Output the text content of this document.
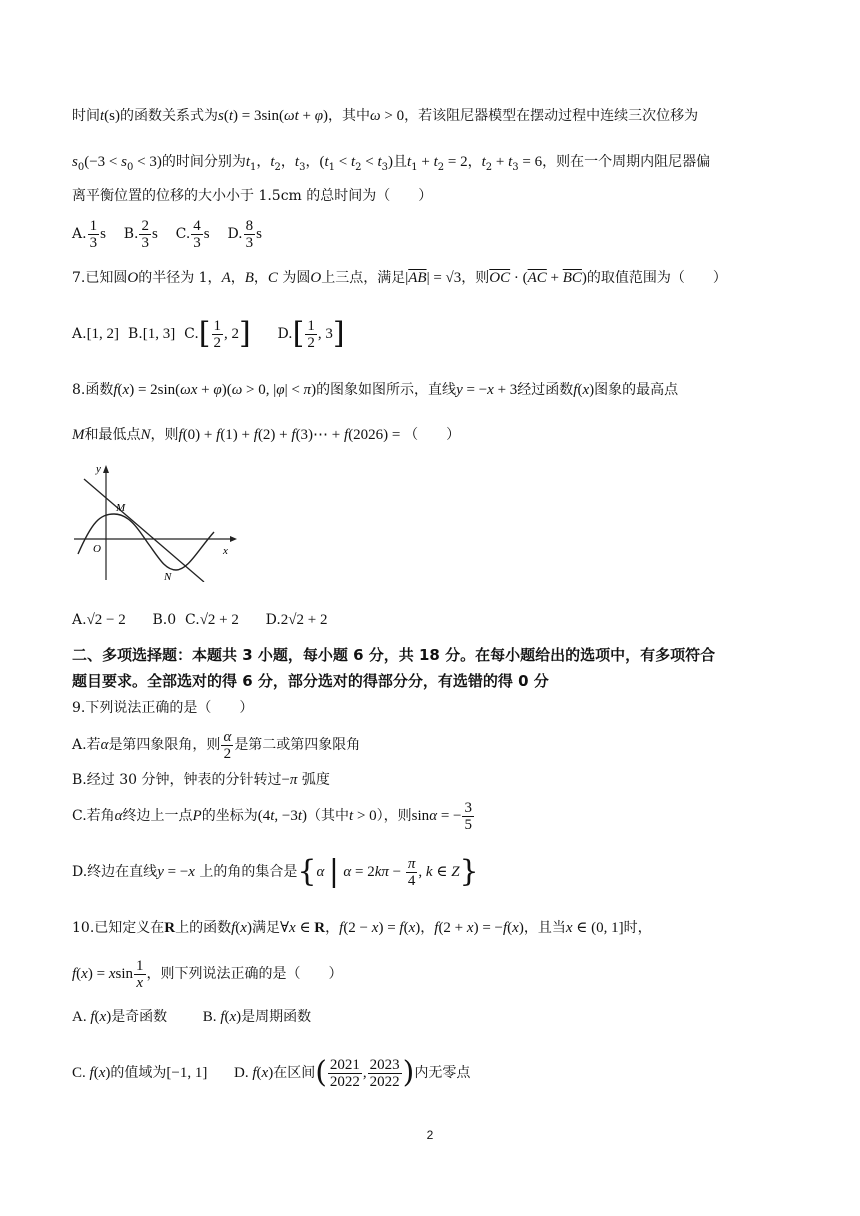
时间t(s)的函数关系式为s(t) = 3sin(ωt + φ)，其中ω > 0，若该阻尼器模型在摆动过程中连续三次位移为
$s_0(-3 < s_0 < 3)$的时间分别为$t_1$，$t_2$，$t_3$，$(t_1 < t_2 < t_3)$且$t_1 + t_2 = 2$，$t_2 + t_3 = 6$，则在一个周期内阻尼器偏
离平衡位置的位移的大小小于 1.5cm 的总时间为（　　）
A. $\frac{1}{3}$ s B. $\frac{2}{3}$ s C. $\frac{4}{3}$ s D. $\frac{8}{3}$ s
7.已知圆O的半径为 1，A，B，C 为圆O上三点，满足$|\overline{AB}| = √3$，则$\overline{OC} \cdot (\overline{AC} + \overline{BC})$的取值范围为（　　）
A.[1, 2] B.[1, 3] $C.[ \frac{1}{2}$ , 2] $D.[ \frac{1}{2}$ , 3]
8.函数f(x) = 2sin(ωx + φ)(ω > 0, |φ| < π)的图象如图所示，直线y = −x + 3经过函数f(x)图象的最高点
M和最低点N，则f(0) + f(1) + f(2) + f(3)⋯ + f(2026) = （　　）
y
x
O
M
N
A.√2 − 2 B.0 C.√2 + 2 D.2√2 + 2
二、多项选择题：本题共 3 小题，每小题 6 分，共 18 分。在每小题给出的选项中，有多项符合
题目要求。全部选对的得 6 分，部分选对的得部分分，有选错的得 0 分
9.下列说法正确的是（　　）
A.若α是第四象限角，则 $\frac{\alpha}{2}$ 是第二或第四象限角
B.经过 30 分钟，钟表的分针转过−π 弧度
C.若角α终边上一点P的坐标为(4t, −3t)（其中t > 0），则sinα = − $\frac{3}{5}$
D.终边在直线y = −x 上的角的集合是{α | $\alpha = 2k\pi - \frac{\pi}{4}$ , k ∈ Z}
10.已知定义在R上的函数f(x)满足∀x ∈ R，f(2 − x) = f(x)，f(2 + x) = −f(x)，且当x ∈ (0, 1]时，
f(x) = xsin $\frac{1}{x}$ ，则下列说法正确的是（　　）
A. f(x)是奇函数 B. f(x)是周期函数
C. f(x)的值域为[−1, 1] D. f(x)在区间( $\frac{2021}{2022}$ , $\frac{2023}{2022}$ )内无零点
2
